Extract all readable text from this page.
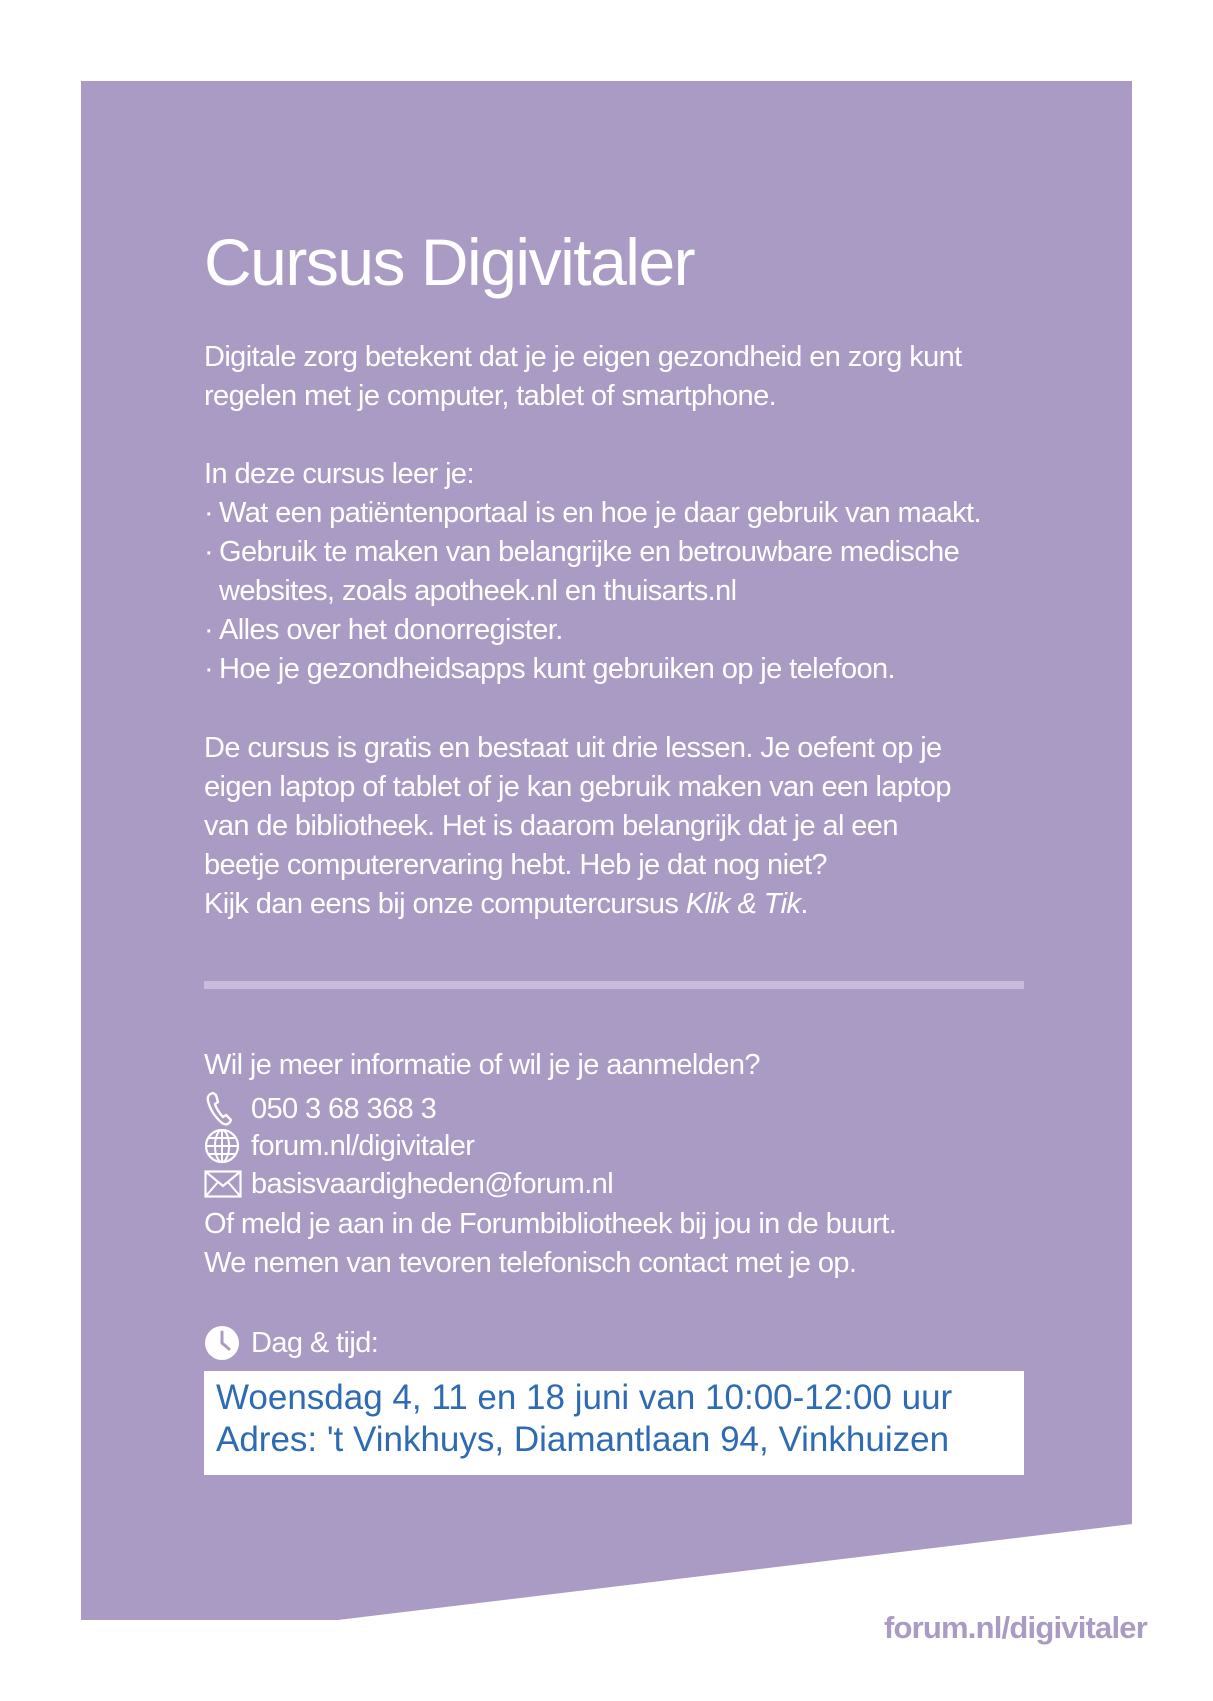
Cursus Digivitaler
Digitale zorg betekent dat je je eigen gezondheid en zorg kunt
regelen met je computer, tablet of smartphone.
In deze cursus leer je:
· Wat een patiëntenportaal is en hoe je daar gebruik van maakt.
· Gebruik te maken van belangrijke en betrouwbare medische
websites, zoals apotheek.nl en thuisarts.nl
· Alles over het donorregister.
· Hoe je gezondheidsapps kunt gebruiken op je telefoon.
De cursus is gratis en bestaat uit drie lessen. Je oefent op je
eigen laptop of tablet of je kan gebruik maken van een laptop
van de bibliotheek. Het is daarom belangrijk dat je al een
beetje computerervaring hebt. Heb je dat nog niet?
Kijk dan eens bij onze computercursus Klik & Tik.
Wil je meer informatie of wil je je aanmelden?
050 3 68 368 3
forum.nl/digivitaler
basisvaardigheden@forum.nl
Of meld je aan in de Forumbibliotheek bij jou in de buurt.
We nemen van tevoren telefonisch contact met je op.
Dag & tijd:
Woensdag 4, 11 en 18 juni van 10:00-12:00 uur
Adres: 't Vinkhuys, Diamantlaan 94, Vinkhuizen
forum.nl/digivitaler
